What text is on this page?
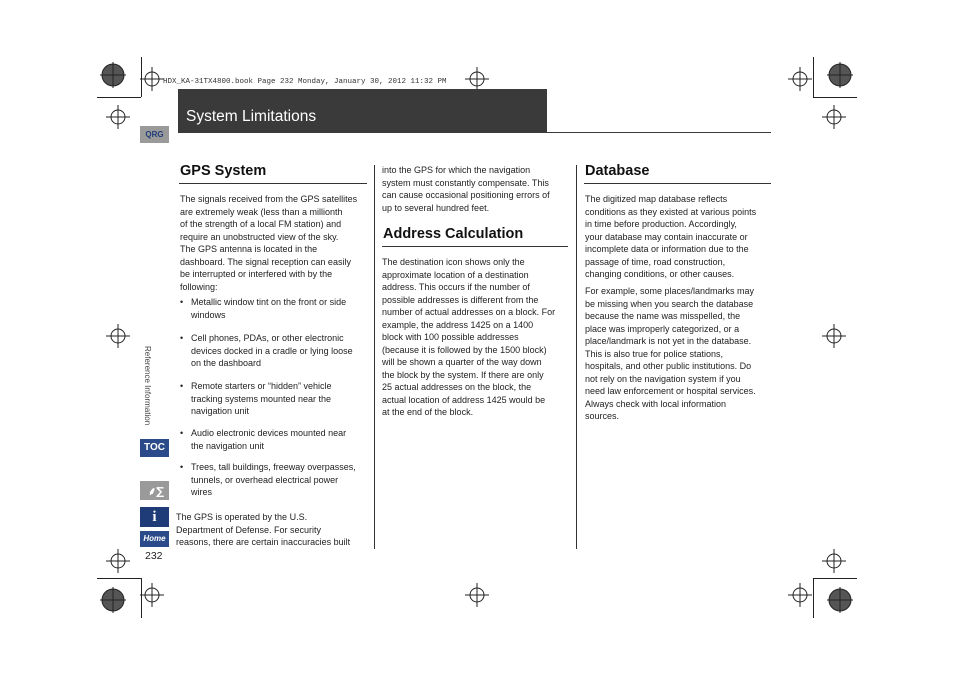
HDX_KA-31TX4800.book Page 232 Monday, January 30, 2012 11:32 PM
System Limitations
QRG
Reference Information
TOC
⸙∑
i
Home
232
GPS System
The signals received from the GPS satellites
are extremely weak (less than a millionth
of the strength of a local FM station) and
require an unobstructed view of the sky.
The GPS antenna is located in the
dashboard. The signal reception can easily
be interrupted or interfered with by the
following:
• Metallic window tint on the front or side
windows
• Cell phones, PDAs, or other electronic
devices docked in a cradle or lying loose
on the dashboard
• Remote starters or “hidden” vehicle
tracking systems mounted near the
navigation unit
• Audio electronic devices mounted near
the navigation unit
• Trees, tall buildings, freeway overpasses,
tunnels, or overhead electrical power
wires
The GPS is operated by the U.S.
Department of Defense. For security
reasons, there are certain inaccuracies built
into the GPS for which the navigation
system must constantly compensate. This
can cause occasional positioning errors of
up to several hundred feet.
Address Calculation
The destination icon shows only the
approximate location of a destination
address. This occurs if the number of
possible addresses is different from the
number of actual addresses on a block. For
example, the address 1425 on a 1400
block with 100 possible addresses
(because it is followed by the 1500 block)
will be shown a quarter of the way down
the block by the system. If there are only
25 actual addresses on the block, the
actual location of address 1425 would be
at the end of the block.
Database
The digitized map database reflects
conditions as they existed at various points
in time before production. Accordingly,
your database may contain inaccurate or
incomplete data or information due to the
passage of time, road construction,
changing conditions, or other causes.
For example, some places/landmarks may
be missing when you search the database
because the name was misspelled, the
place was improperly categorized, or a
place/landmark is not yet in the database.
This is also true for police stations,
hospitals, and other public institutions. Do
not rely on the navigation system if you
need law enforcement or hospital services.
Always check with local information
sources.
